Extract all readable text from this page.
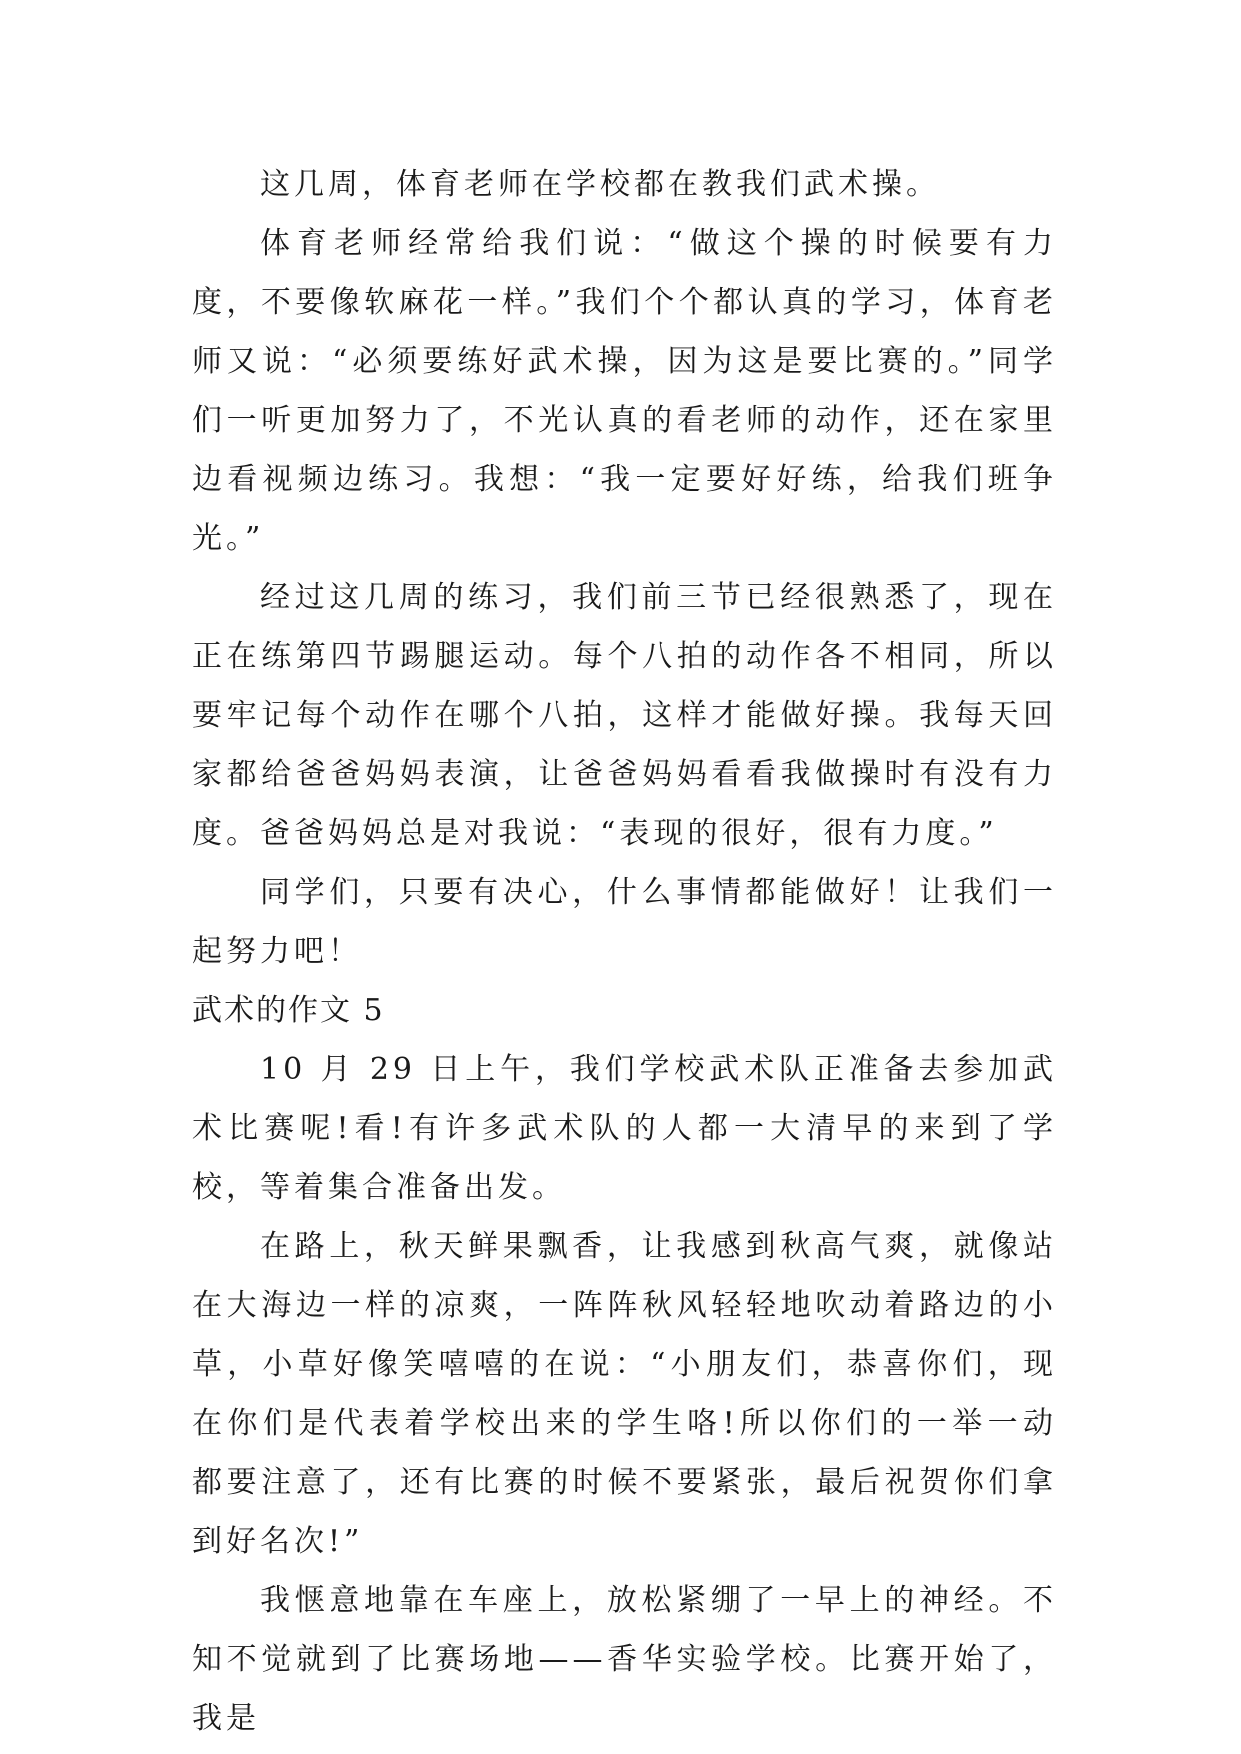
这几周，体育老师在学校都在教我们武术操。

体育老师经常给我们说：“做这个操的时候要有力度，不要像软麻花一样。”我们个个都认真的学习，体育老师又说：“必须要练好武术操，因为这是要比赛的。”同学们一听更加努力了，不光认真的看老师的动作，还在家里边看视频边练习。我想：“我一定要好好练，给我们班争光。”

经过这几周的练习，我们前三节已经很熟悉了，现在正在练第四节踢腿运动。每个八拍的动作各不相同，所以要牢记每个动作在哪个八拍，这样才能做好操。我每天回家都给爸爸妈妈表演，让爸爸妈妈看看我做操时有没有力度。爸爸妈妈总是对我说：“表现的很好，很有力度。”

同学们，只要有决心，什么事情都能做好！让我们一起努力吧！

武术的作文 5

10 月 29 日上午，我们学校武术队正准备去参加武术比赛呢!看!有许多武术队的人都一大清早的来到了学校，等着集合准备出发。

在路上，秋天鲜果飘香，让我感到秋高气爽，就像站在大海边一样的凉爽，一阵阵秋风轻轻地吹动着路边的小草，小草好像笑嘻嘻的在说：“小朋友们，恭喜你们，现在你们是代表着学校出来的学生咯!所以你们的一举一动都要注意了，还有比赛的时候不要紧张，最后祝贺你们拿到好名次!”

我惬意地靠在车座上，放松紧绷了一早上的神经。不知不觉就到了比赛场地——香华实验学校。比赛开始了，我是
